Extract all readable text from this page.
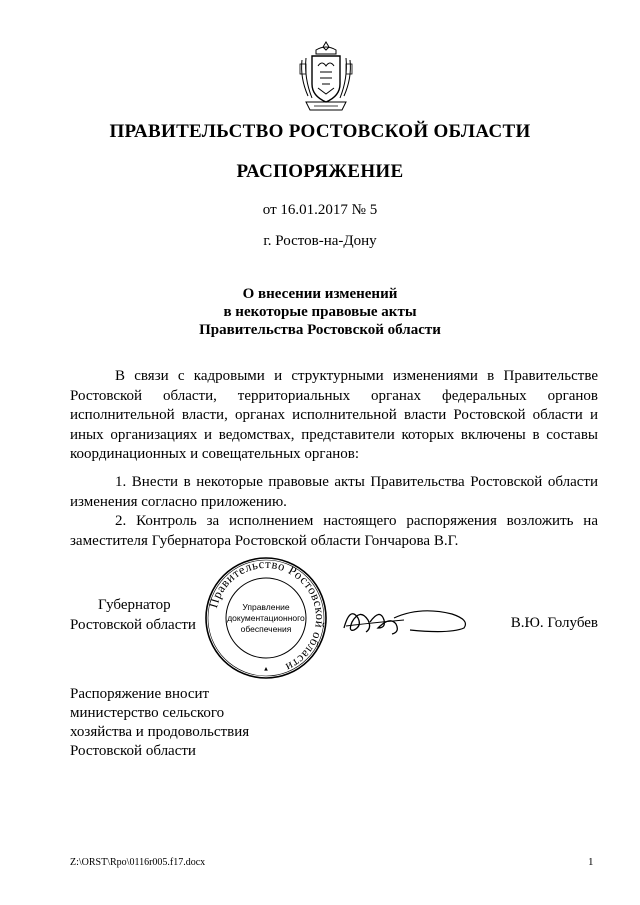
ПРАВИТЕЛЬСТВО РОСТОВСКОЙ ОБЛАСТИ
РАСПОРЯЖЕНИЕ
от 16.01.2017 № 5
г. Ростов-на-Дону
О внесении изменений
в некоторые правовые акты
Правительства Ростовской области
В связи с кадровыми и структурными изменениями в Правительстве Ростовской области, территориальных органах федеральных органов исполнительной власти, органах исполнительной власти Ростовской области и иных организациях и ведомствах, представители которых включены в составы координационных и совещательных органов:
1. Внести в некоторые правовые акты Правительства Ростовской области изменения согласно приложению.
2. Контроль за исполнением настоящего распоряжения возложить на заместителя Губернатора Ростовской области Гончарова В.Г.
Губернатор
Ростовской области
Правительство Ростовской области
Управление
документационного
обеспечения	В.Ю. Голубев
Распоряжение вносит
министерство сельского
хозяйства и продовольствия
Ростовской области
Z:\ORST\Rpo\0116r005.f17.docx	1
